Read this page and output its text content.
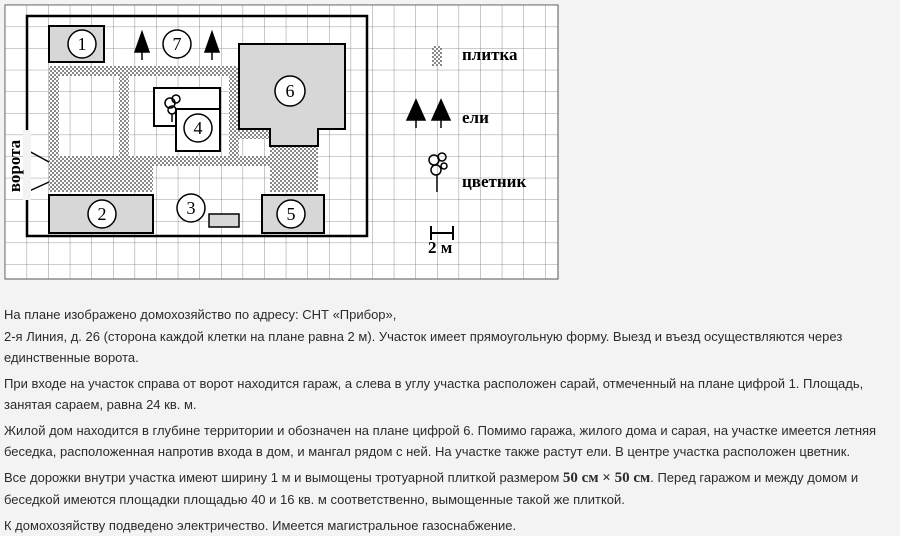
ворота
1	7
4
6
2	3	5
плитка
ели
цветник
2 м

На плане изображено домохозяйство по адресу: СНТ «Прибор»,
2-я Линия, д. 26 (сторона каждой клетки на плане равна 2 м). Участок имеет прямоугольную форму. Выезд и въезд осуществляются через единственные ворота.

При входе на участок справа от ворот находится гараж, а слева в углу участка расположен сарай, отмеченный на плане цифрой 1. Площадь, занятая сараем, равна 24 кв. м.

Жилой дом находится в глубине территории и обозначен на плане цифрой 6. Помимо гаража, жилого дома и сарая, на участке имеется летняя беседка, расположенная напротив входа в дом, и мангал рядом с ней. На участке также растут ели. В центре участка расположен цветник.

Все дорожки внутри участка имеют ширину 1 м и вымощены тротуарной плиткой размером 50 см × 50 см. Перед гаражом и между домом и беседкой имеются площадки площадью 40 и 16 кв. м соответственно, вымощенные такой же плиткой.

К домохозяйству подведено электричество. Имеется магистральное газоснабжение.
